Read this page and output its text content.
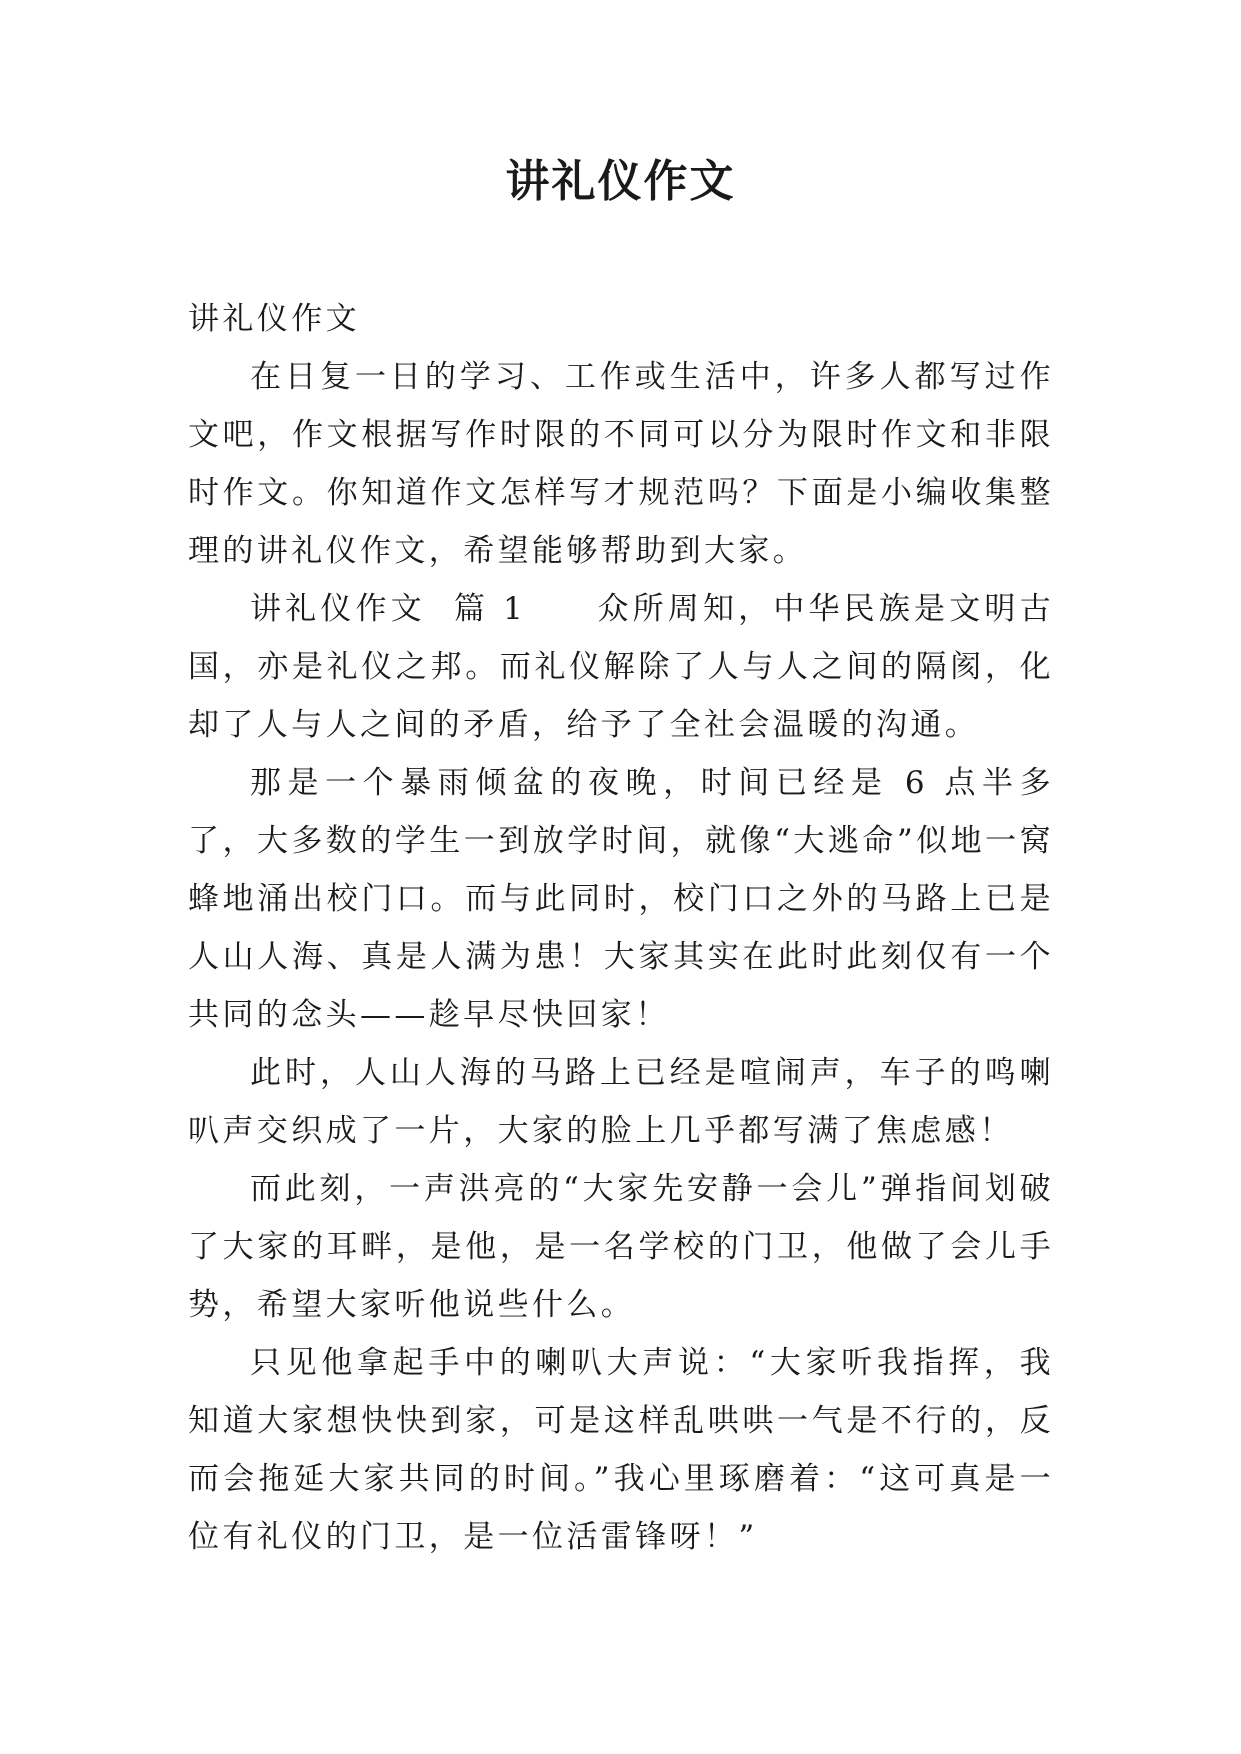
讲礼仪作文

讲礼仪作文

在日复一日的学习、工作或生活中，许多人都写过作文吧，作文根据写作时限的不同可以分为限时作文和非限时作文。你知道作文怎样写才规范吗？下面是小编收集整理的讲礼仪作文，希望能够帮助到大家。

讲礼仪作文  篇 1　　 众所周知，中华民族是文明古国，亦是礼仪之邦。而礼仪解除了人与人之间的隔阂，化却了人与人之间的矛盾，给予了全社会温暖的沟通。

那是一个暴雨倾盆的夜晚，时间已经是 6 点半多了，大多数的学生一到放学时间，就像“大逃命”似地一窝蜂地涌出校门口。而与此同时，校门口之外的马路上已是人山人海、真是人满为患！大家其实在此时此刻仅有一个共同的念头——趁早尽快回家！

此时，人山人海的马路上已经是喧闹声，车子的鸣喇叭声交织成了一片，大家的脸上几乎都写满了焦虑感！

而此刻，一声洪亮的“大家先安静一会儿”弹指间划破了大家的耳畔，是他，是一名学校的门卫，他做了会儿手势，希望大家听他说些什么。

只见他拿起手中的喇叭大声说：“大家听我指挥，我知道大家想快快到家，可是这样乱哄哄一气是不行的，反而会拖延大家共同的时间。”我心里琢磨着：“这可真是一位有礼仪的门卫，是一位活雷锋呀！”
